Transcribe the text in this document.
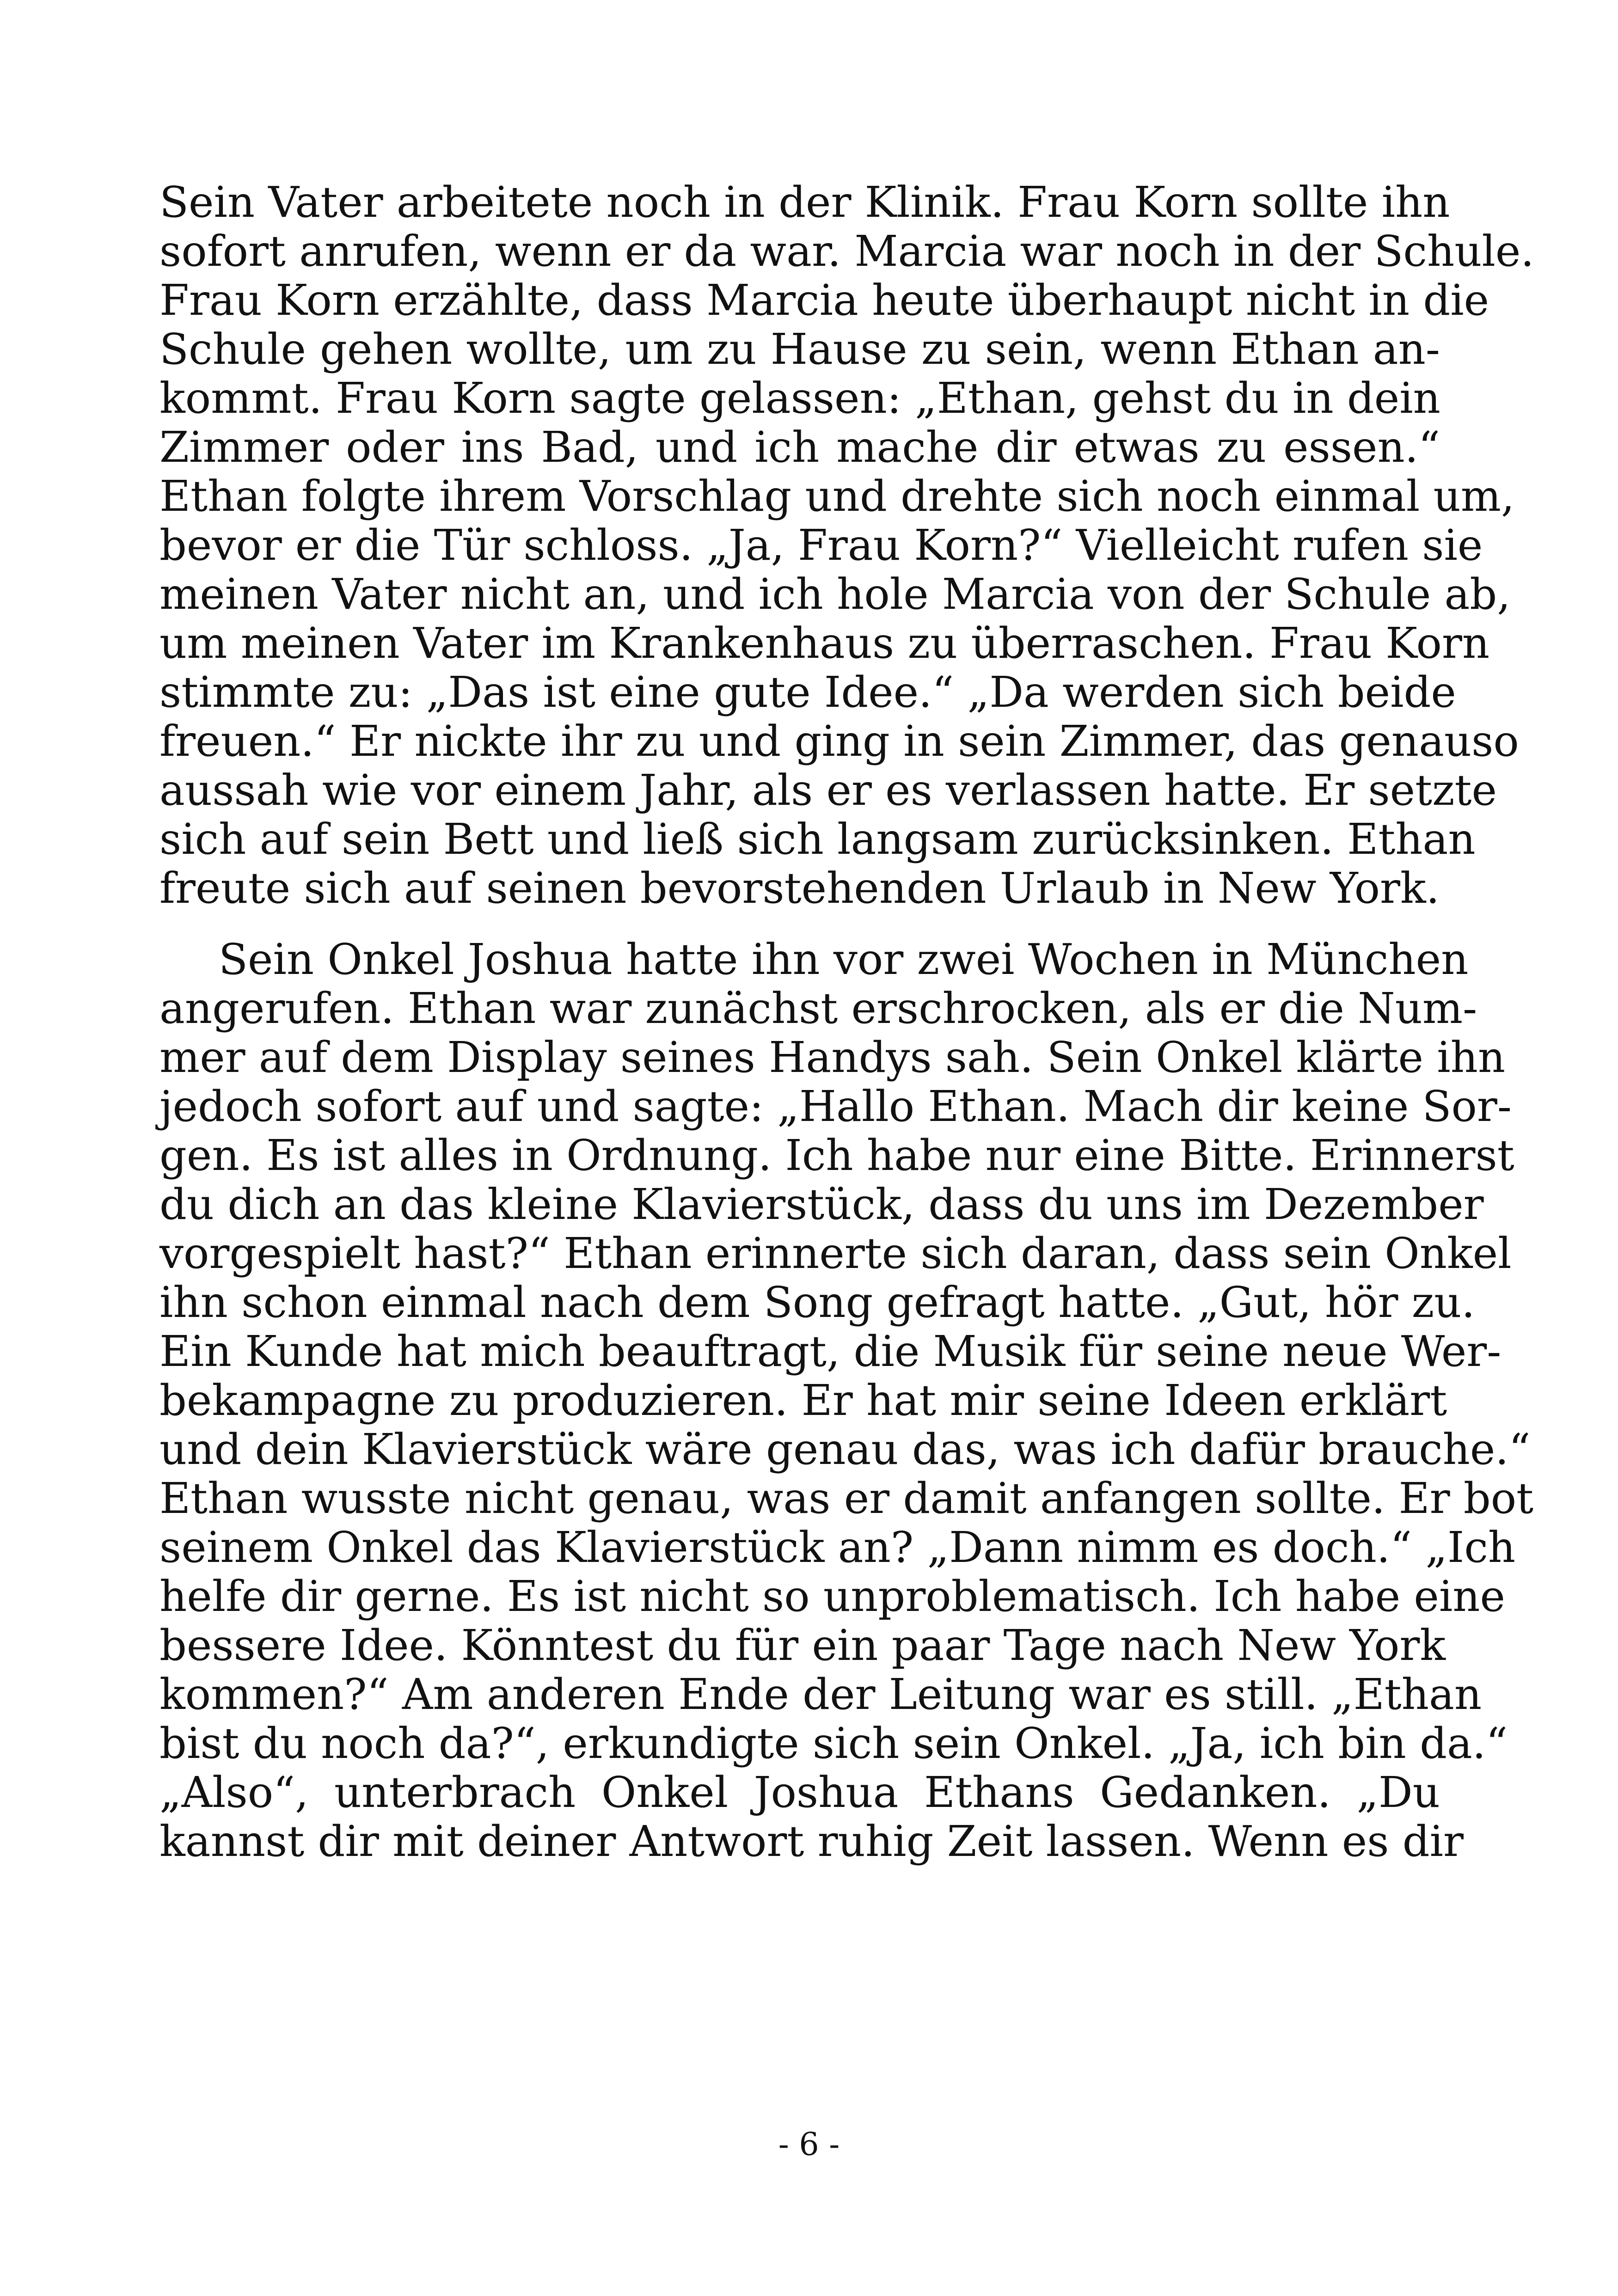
Sein Vater arbeitete noch in der Klinik. Frau Korn sollte ihn
sofort anrufen, wenn er da war. Marcia war noch in der Schule.
Frau Korn erzählte, dass Marcia heute überhaupt nicht in die
Schule gehen wollte, um zu Hause zu sein, wenn Ethan an-
kommt. Frau Korn sagte gelassen: „Ethan, gehst du in dein
Zimmer oder ins Bad, und ich mache dir etwas zu essen.“
Ethan folgte ihrem Vorschlag und drehte sich noch einmal um,
bevor er die Tür schloss. „Ja, Frau Korn?“ Vielleicht rufen sie
meinen Vater nicht an, und ich hole Marcia von der Schule ab,
um meinen Vater im Krankenhaus zu überraschen. Frau Korn
stimmte zu: „Das ist eine gute Idee.“ „Da werden sich beide
freuen.“ Er nickte ihr zu und ging in sein Zimmer, das genauso
aussah wie vor einem Jahr, als er es verlassen hatte. Er setzte
sich auf sein Bett und ließ sich langsam zurücksinken. Ethan
freute sich auf seinen bevorstehenden Urlaub in New York.

Sein Onkel Joshua hatte ihn vor zwei Wochen in München
angerufen. Ethan war zunächst erschrocken, als er die Num-
mer auf dem Display seines Handys sah. Sein Onkel klärte ihn
jedoch sofort auf und sagte: „Hallo Ethan. Mach dir keine Sor-
gen. Es ist alles in Ordnung. Ich habe nur eine Bitte. Erinnerst
du dich an das kleine Klavierstück, dass du uns im Dezember
vorgespielt hast?“ Ethan erinnerte sich daran, dass sein Onkel
ihn schon einmal nach dem Song gefragt hatte. „Gut, hör zu.
Ein Kunde hat mich beauftragt, die Musik für seine neue Wer-
bekampagne zu produzieren. Er hat mir seine Ideen erklärt
und dein Klavierstück wäre genau das, was ich dafür brauche.“
Ethan wusste nicht genau, was er damit anfangen sollte. Er bot
seinem Onkel das Klavierstück an? „Dann nimm es doch.“ „Ich
helfe dir gerne. Es ist nicht so unproblematisch. Ich habe eine
bessere Idee. Könntest du für ein paar Tage nach New York
kommen?“ Am anderen Ende der Leitung war es still. „Ethan
bist du noch da?“, erkundigte sich sein Onkel. „Ja, ich bin da.“
„Also“, unterbrach Onkel Joshua Ethans Gedanken. „Du
kannst dir mit deiner Antwort ruhig Zeit lassen. Wenn es dir

- 6 -
